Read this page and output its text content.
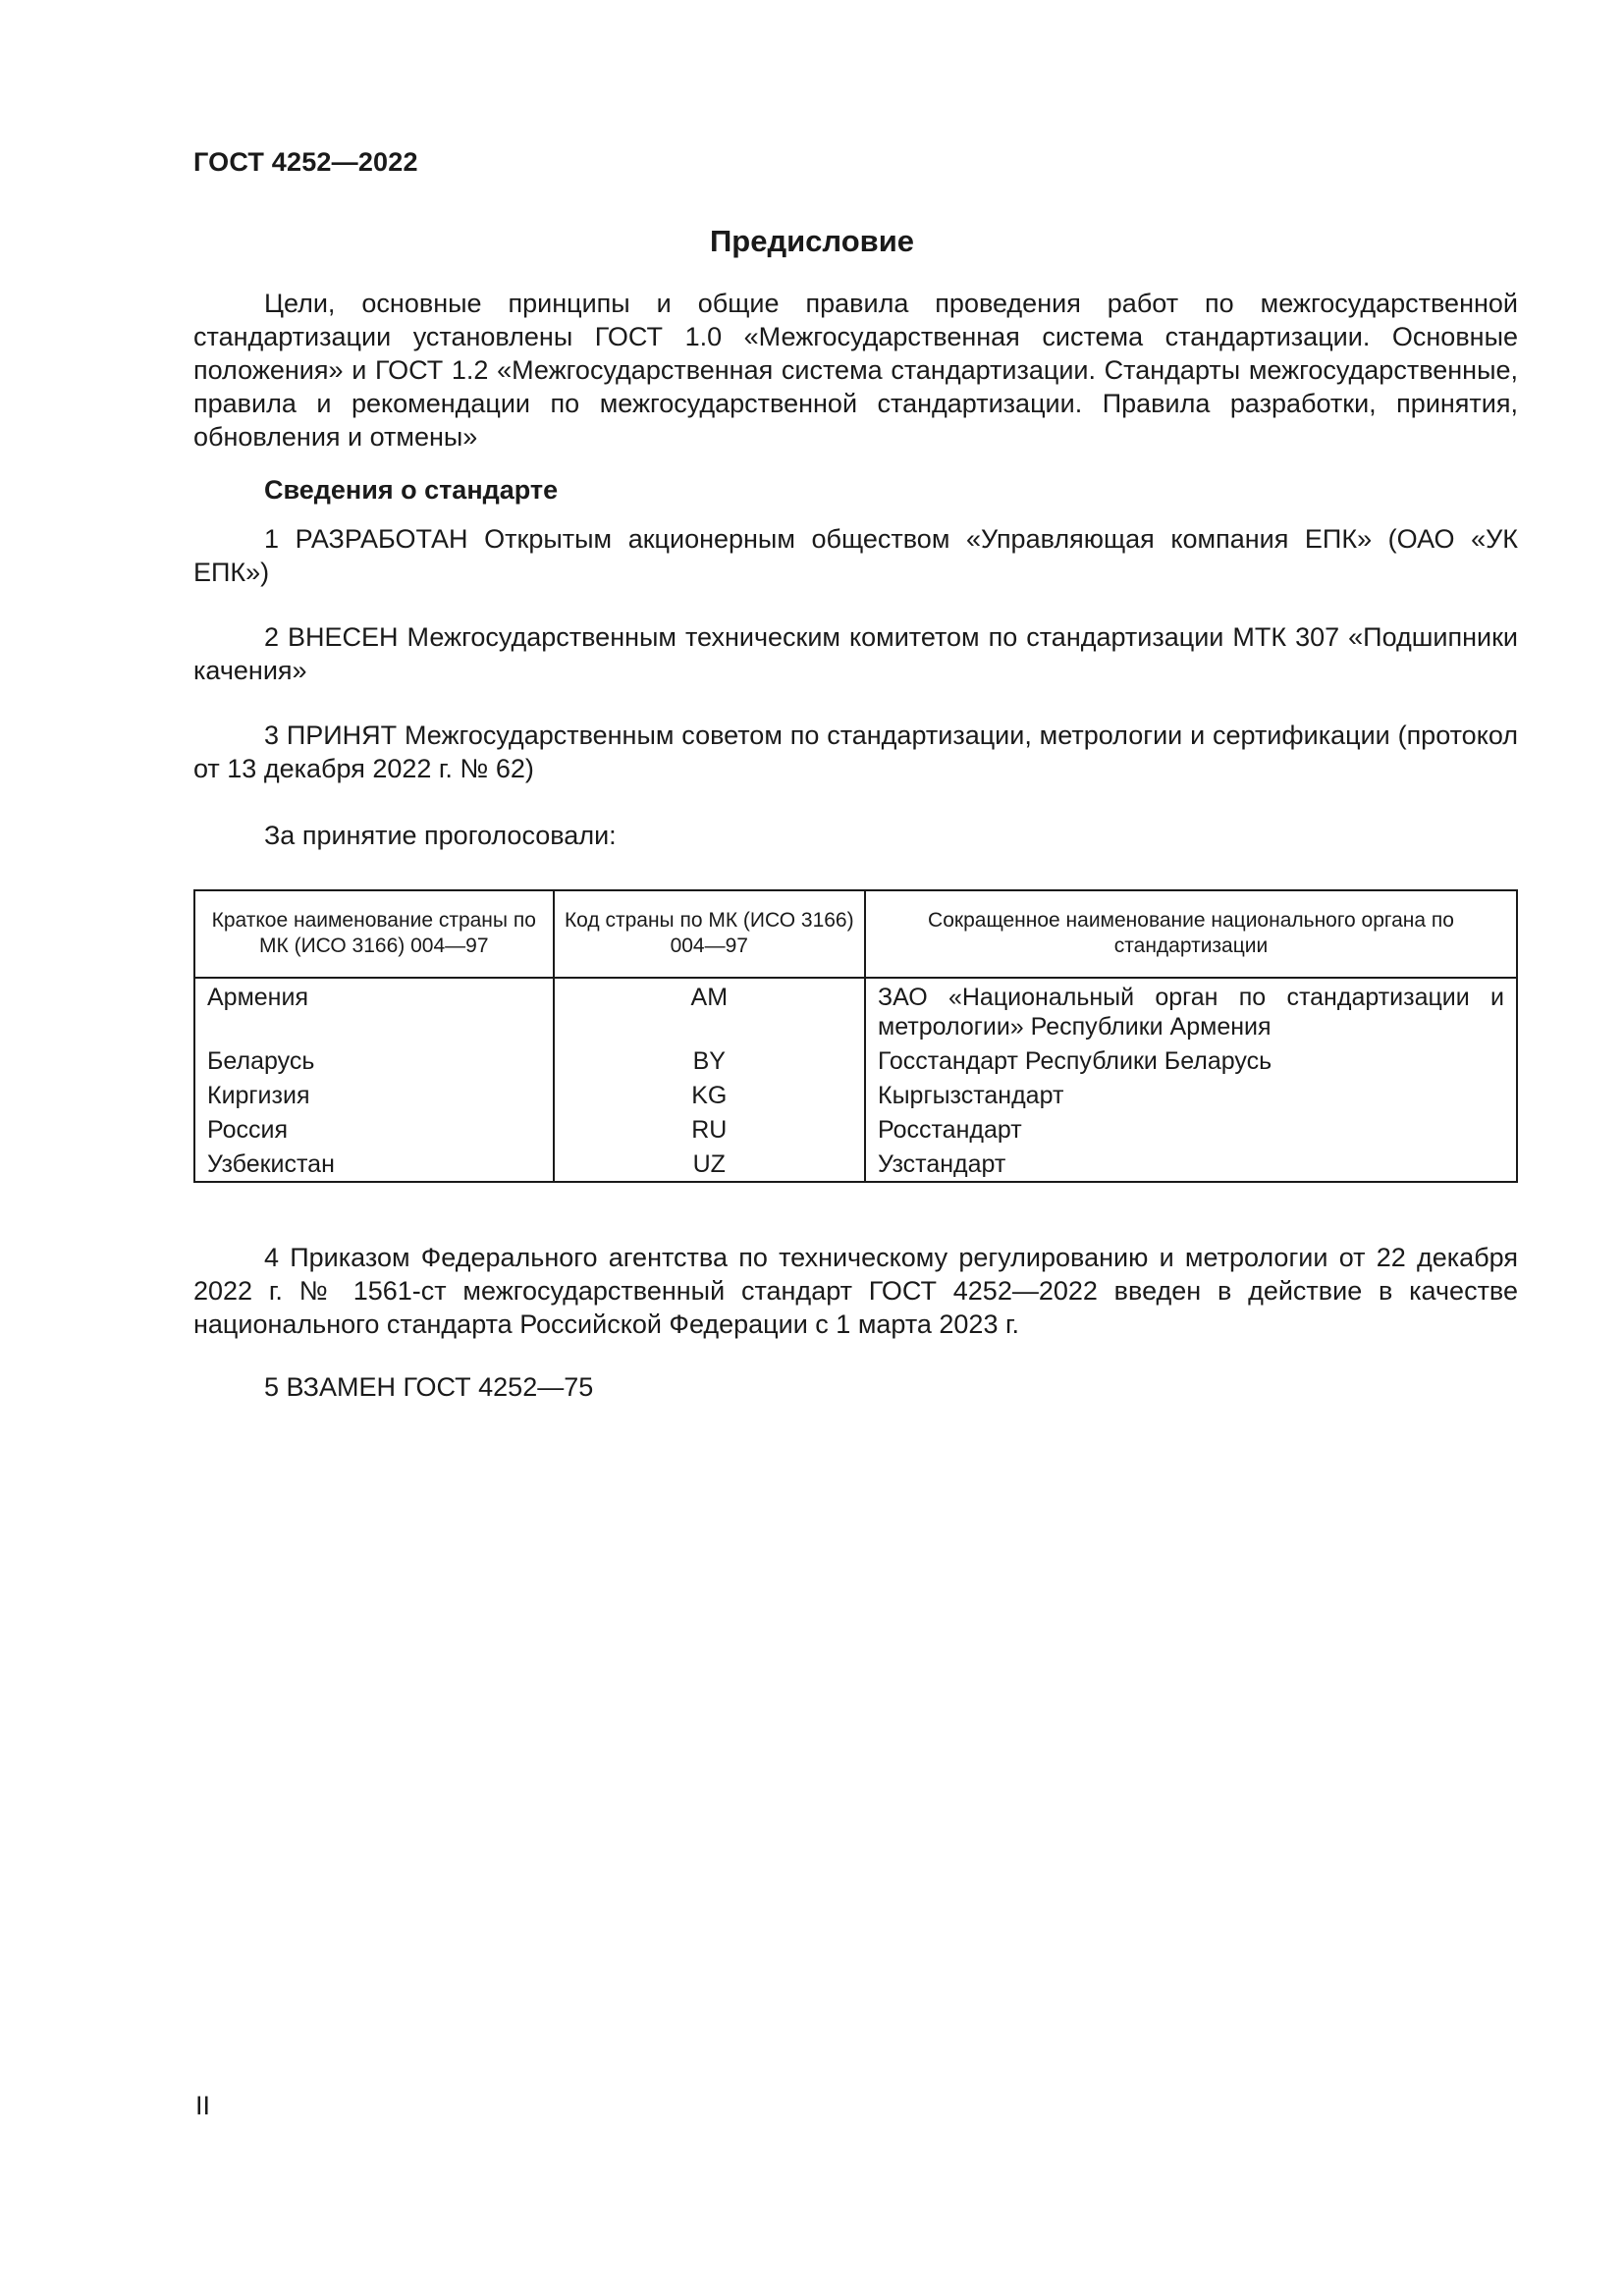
ГОСТ 4252—2022
Предисловие

Цели, основные принципы и общие правила проведения работ по межгосударственной стандартизации установлены ГОСТ 1.0 «Межгосударственная система стандартизации. Основные положения» и ГОСТ 1.2 «Межгосударственная система стандартизации. Стандарты межгосударственные, правила и рекомендации по межгосударственной стандартизации. Правила разработки, принятия, обновления и отмены»

Сведения о стандарте

1 РАЗРАБОТАН Открытым акционерным обществом «Управляющая компания ЕПК» (ОАО «УК ЕПК»)

2 ВНЕСЕН Межгосударственным техническим комитетом по стандартизации МТК 307 «Подшипники качения»

3 ПРИНЯТ Межгосударственным советом по стандартизации, метрологии и сертификации (протокол от 13 декабря 2022 г. № 62)

За принятие проголосовали:
Краткое наименование страны по МК (ИСО 3166) 004—97	Код страны по МК (ИСО 3166) 004—97	Сокращенное наименование национального органа по стандартизации
Армения	AM	ЗАО «Национальный орган по стандартизации и метрологии» Республики Армения
Беларусь	BY	Госстандарт Республики Беларусь
Киргизия	KG	Кыргызстандарт
Россия	RU	Росстандарт
Узбекистан	UZ	Узстандарт

4 Приказом Федерального агентства по техническому регулированию и метрологии от 22 декабря 2022 г. № 1561-ст межгосударственный стандарт ГОСТ 4252—2022 введен в действие в качестве национального стандарта Российской Федерации с 1 марта 2023 г.

5 ВЗАМЕН ГОСТ 4252—75

II
